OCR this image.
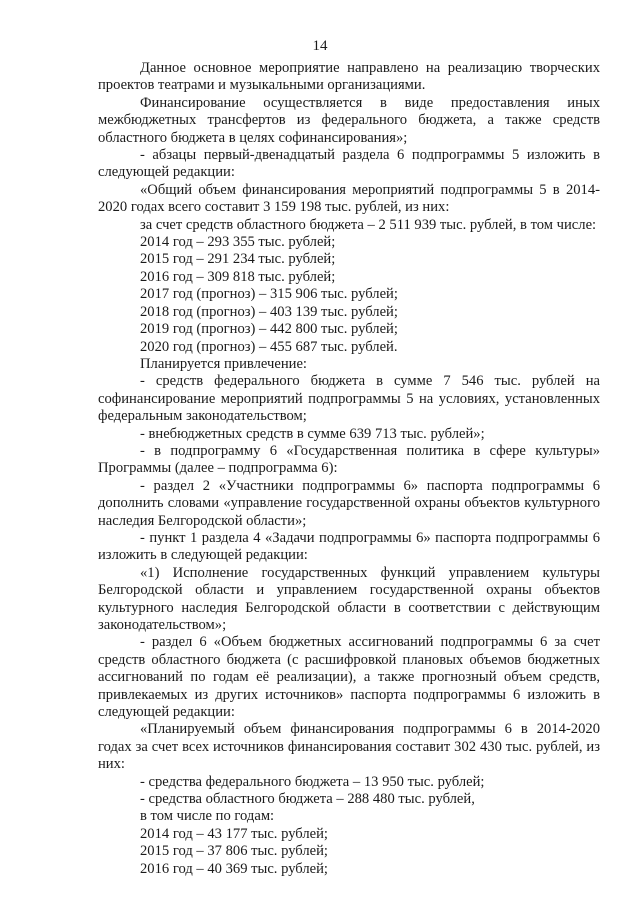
14

Данное основное мероприятие направлено на реализацию творческих проектов театрами и музыкальными организациями.

Финансирование осуществляется в виде предоставления иных межбюджетных трансфертов из федерального бюджета, а также средств областного бюджета в целях софинансирования»;

- абзацы первый-двенадцатый раздела 6 подпрограммы 5 изложить в следующей редакции:

«Общий объем финансирования мероприятий подпрограммы 5 в 2014-2020 годах всего составит 3 159 198 тыс. рублей, из них:

за счет средств областного бюджета – 2 511 939 тыс. рублей, в том числе:

2014 год – 293 355 тыс. рублей;

2015 год – 291 234 тыс. рублей;

2016 год – 309 818 тыс. рублей;

2017 год (прогноз) – 315 906 тыс. рублей;

2018 год (прогноз) – 403 139 тыс. рублей;

2019 год (прогноз) – 442 800 тыс. рублей;

2020 год (прогноз) – 455 687 тыс. рублей.

Планируется привлечение:

- средств федерального бюджета в сумме 7 546 тыс. рублей на софинансирование мероприятий подпрограммы 5 на условиях, установленных федеральным законодательством;

- внебюджетных средств в сумме 639 713 тыс. рублей»;

- в подпрограмму 6 «Государственная политика в сфере культуры» Программы (далее – подпрограмма 6):

- раздел 2 «Участники подпрограммы 6» паспорта подпрограммы 6 дополнить словами «управление государственной охраны объектов культурного наследия Белгородской области»;

- пункт 1 раздела 4 «Задачи подпрограммы 6» паспорта подпрограммы 6 изложить в следующей редакции:

«1) Исполнение государственных функций управлением культуры Белгородской области и управлением государственной охраны объектов культурного наследия Белгородской области в соответствии с действующим законодательством»;

- раздел 6 «Объем бюджетных ассигнований подпрограммы 6 за счет средств областного бюджета (с расшифровкой плановых объемов бюджетных ассигнований по годам её реализации), а также прогнозный объем средств, привлекаемых из других источников» паспорта подпрограммы 6 изложить в следующей редакции:

«Планируемый объем финансирования подпрограммы 6 в 2014-2020 годах за счет всех источников финансирования составит 302 430 тыс. рублей, из них:

- средства федерального бюджета – 13 950 тыс. рублей;

- средства областного бюджета – 288 480 тыс. рублей,

в том числе по годам:

2014 год – 43 177 тыс. рублей;

2015 год – 37 806 тыс. рублей;

2016 год – 40 369 тыс. рублей;
